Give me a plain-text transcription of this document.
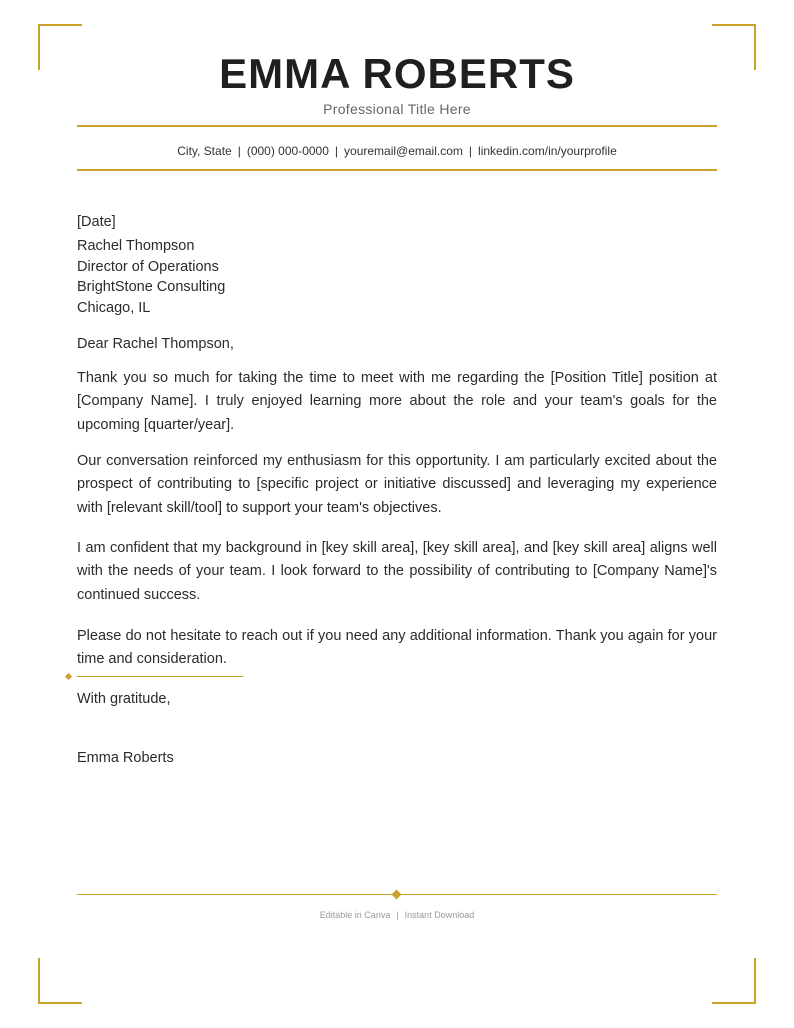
EMMA ROBERTS
Professional Title Here
City, State | (000) 000-0000 | youremail@email.com | linkedin.com/in/yourprofile
[Date]
Rachel Thompson
Director of Operations
BrightStone Consulting
Chicago, IL
Dear Rachel Thompson,

Thank you so much for taking the time to meet with me regarding the [Position Title] position at [Company Name]. I truly enjoyed learning more about the role and your team's goals for the upcoming [quarter/year].

Our conversation reinforced my enthusiasm for this opportunity. I am particularly excited about the prospect of contributing to [specific project or initiative discussed] and leveraging my experience with [relevant skill/tool] to support your team's objectives.

I am confident that my background in [key skill area], [key skill area], and [key skill area] aligns well with the needs of your team. I look forward to the possibility of contributing to [Company Name]'s continued success.

Please do not hesitate to reach out if you need any additional information. Thank you again for your time and consideration.

With gratitude,
Emma Roberts
Editable in Canva | Instant Download
